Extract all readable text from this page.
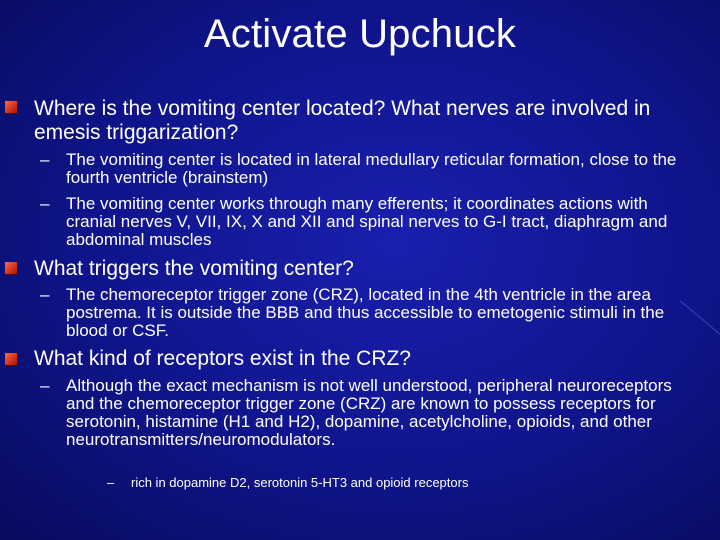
Activate Upchuck
Where is the vomiting center located? What nerves are involved in emesis triggarization?
– The vomiting center is located in lateral medullary reticular formation, close to the fourth ventricle (brainstem)
– The vomiting center works through many efferents; it coordinates actions with cranial nerves V, VII, IX, X and XII and spinal nerves to G-I tract, diaphragm and abdominal muscles
What triggers the vomiting center?
– The chemoreceptor trigger zone (CRZ), located in the 4th ventricle in the area postrema. It is outside the BBB and thus accessible to emetogenic stimuli in the blood or CSF.
What kind of receptors exist in the CRZ?
– Although the exact mechanism is not well understood, peripheral neuroreceptors and the chemoreceptor trigger zone (CRZ) are known to possess receptors for serotonin, histamine (H1 and H2), dopamine, acetylcholine, opioids, and other neurotransmitters/neuromodulators.
– rich in dopamine D2, serotonin 5-HT3 and opioid receptors
